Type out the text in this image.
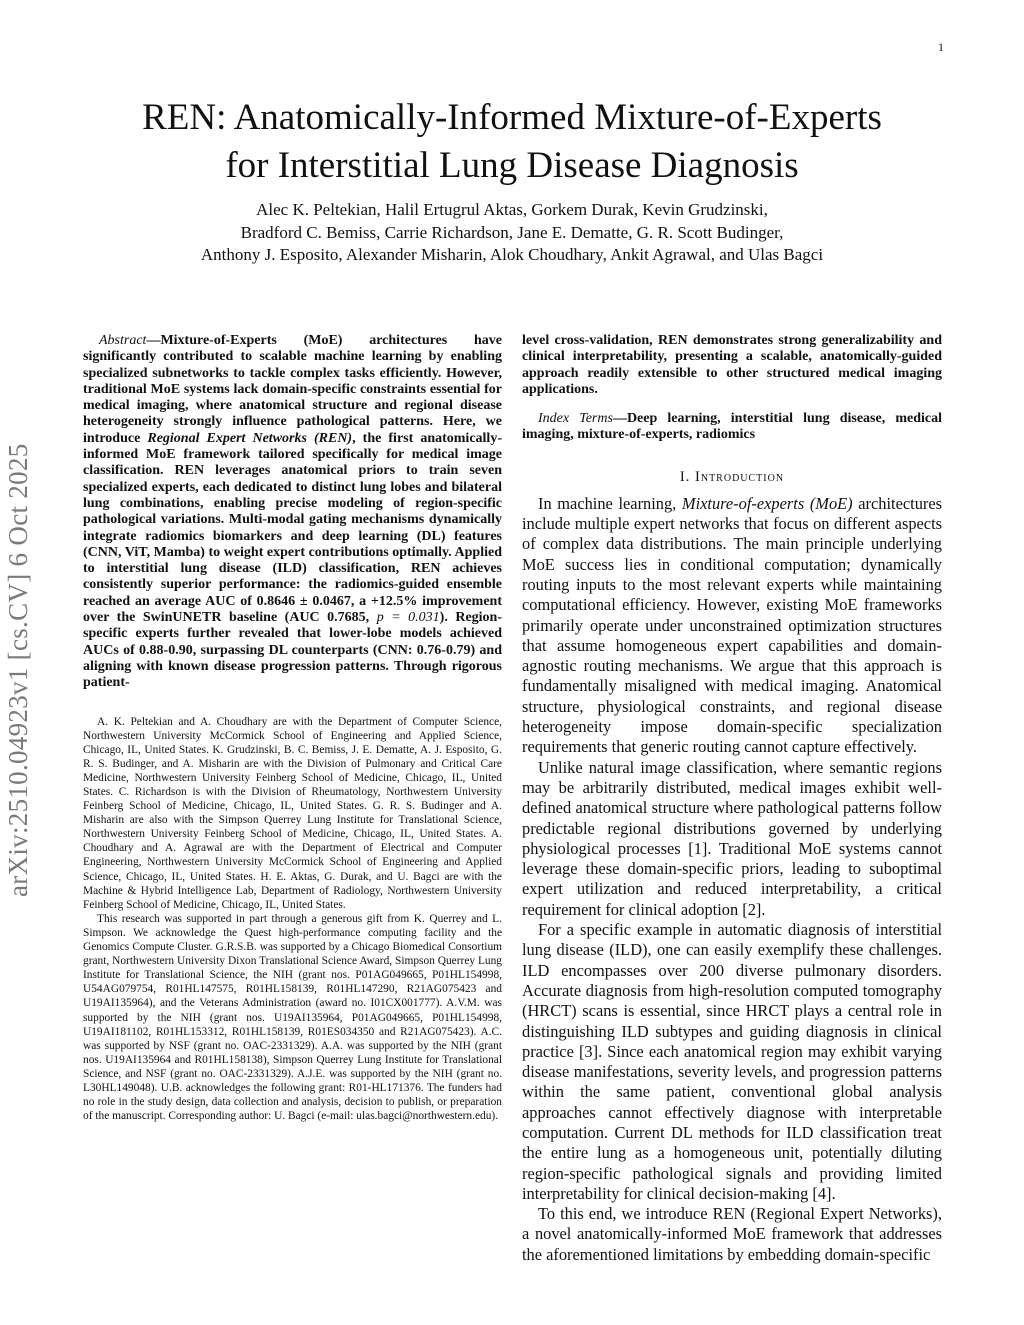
1
REN: Anatomically-Informed Mixture-of-Experts
for Interstitial Lung Disease Diagnosis
Alec K. Peltekian, Halil Ertugrul Aktas, Gorkem Durak, Kevin Grudzinski,
Bradford C. Bemiss, Carrie Richardson, Jane E. Dematte, G. R. Scott Budinger,
Anthony J. Esposito, Alexander Misharin, Alok Choudhary, Ankit Agrawal, and Ulas Bagci
arXiv:2510.04923v1 [cs.CV] 6 Oct 2025
Abstract—Mixture-of-Experts (MoE) architectures have significantly contributed to scalable machine learning by enabling specialized subnetworks to tackle complex tasks efficiently. However, traditional MoE systems lack domain-specific constraints essential for medical imaging, where anatomical structure and regional disease heterogeneity strongly influence pathological patterns. Here, we introduce Regional Expert Networks (REN), the first anatomically-informed MoE framework tailored specifically for medical image classification. REN leverages anatomical priors to train seven specialized experts, each dedicated to distinct lung lobes and bilateral lung combinations, enabling precise modeling of region-specific pathological variations. Multi-modal gating mechanisms dynamically integrate radiomics biomarkers and deep learning (DL) features (CNN, ViT, Mamba) to weight expert contributions optimally. Applied to interstitial lung disease (ILD) classification, REN achieves consistently superior performance: the radiomics-guided ensemble reached an average AUC of 0.8646 ± 0.0467, a +12.5% improvement over the SwinUNETR baseline (AUC 0.7685, p = 0.031). Region-specific experts further revealed that lower-lobe models achieved AUCs of 0.88-0.90, surpassing DL counterparts (CNN: 0.76-0.79) and aligning with known disease progression patterns. Through rigorous patient-

A. K. Peltekian and A. Choudhary are with the Department of Computer Science, Northwestern University McCormick School of Engineering and Applied Science, Chicago, IL, United States. K. Grudzinski, B. C. Bemiss, J. E. Dematte, A. J. Esposito, G. R. S. Budinger, and A. Misharin are with the Division of Pulmonary and Critical Care Medicine, Northwestern University Feinberg School of Medicine, Chicago, IL, United States. C. Richardson is with the Division of Rheumatology, Northwestern University Feinberg School of Medicine, Chicago, IL, United States. G. R. S. Budinger and A. Misharin are also with the Simpson Querrey Lung Institute for Translational Science, Northwestern University Feinberg School of Medicine, Chicago, IL, United States. A. Choudhary and A. Agrawal are with the Department of Electrical and Computer Engineering, Northwestern University McCormick School of Engineering and Applied Science, Chicago, IL, United States. H. E. Aktas, G. Durak, and U. Bagci are with the Machine & Hybrid Intelligence Lab, Department of Radiology, Northwestern University Feinberg School of Medicine, Chicago, IL, United States.

This research was supported in part through a generous gift from K. Querrey and L. Simpson. We acknowledge the Quest high-performance computing facility and the Genomics Compute Cluster. G.R.S.B. was supported by a Chicago Biomedical Consortium grant, Northwestern University Dixon Translational Science Award, Simpson Querrey Lung Institute for Translational Science, the NIH (grant nos. P01AG049665, P01HL154998, U54AG079754, R01HL147575, R01HL158139, R01HL147290, R21AG075423 and U19AI135964), and the Veterans Administration (award no. I01CX001777). A.V.M. was supported by the NIH (grant nos. U19AI135964, P01AG049665, P01HL154998, U19AI181102, R01HL153312, R01HL158139, R01ES034350 and R21AG075423). A.C. was supported by NSF (grant no. OAC-2331329). A.A. was supported by the NIH (grant nos. U19AI135964 and R01HL158138), Simpson Querrey Lung Institute for Translational Science, and NSF (grant no. OAC-2331329). A.J.E. was supported by the NIH (grant no. L30HL149048). U.B. acknowledges the following grant: R01-HL171376. The funders had no role in the study design, data collection and analysis, decision to publish, or preparation of the manuscript. Corresponding author: U. Bagci (e-mail: ulas.bagci@northwestern.edu).

level cross-validation, REN demonstrates strong generalizability and clinical interpretability, presenting a scalable, anatomically-guided approach readily extensible to other structured medical imaging applications.
Index Terms—Deep learning, interstitial lung disease, medical imaging, mixture-of-experts, radiomics
I. Introduction

In machine learning, Mixture-of-experts (MoE) architectures include multiple expert networks that focus on different aspects of complex data distributions. The main principle underlying MoE success lies in conditional computation; dynamically routing inputs to the most relevant experts while maintaining computational efficiency. However, existing MoE frameworks primarily operate under unconstrained optimization structures that assume homogeneous expert capabilities and domain-agnostic routing mechanisms. We argue that this approach is fundamentally misaligned with medical imaging. Anatomical structure, physiological constraints, and regional disease heterogeneity impose domain-specific specialization requirements that generic routing cannot capture effectively.

Unlike natural image classification, where semantic regions may be arbitrarily distributed, medical images exhibit well-defined anatomical structure where pathological patterns follow predictable regional distributions governed by underlying physiological processes [1]. Traditional MoE systems cannot leverage these domain-specific priors, leading to suboptimal expert utilization and reduced interpretability, a critical requirement for clinical adoption [2].

For a specific example in automatic diagnosis of interstitial lung disease (ILD), one can easily exemplify these challenges. ILD encompasses over 200 diverse pulmonary disorders. Accurate diagnosis from high-resolution computed tomography (HRCT) scans is essential, since HRCT plays a central role in distinguishing ILD subtypes and guiding diagnosis in clinical practice [3]. Since each anatomical region may exhibit varying disease manifestations, severity levels, and progression patterns within the same patient, conventional global analysis approaches cannot effectively diagnose with interpretable computation. Current DL methods for ILD classification treat the entire lung as a homogeneous unit, potentially diluting region-specific pathological signals and providing limited interpretability for clinical decision-making [4].

To this end, we introduce REN (Regional Expert Networks), a novel anatomically-informed MoE framework that addresses the aforementioned limitations by embedding domain-specific
